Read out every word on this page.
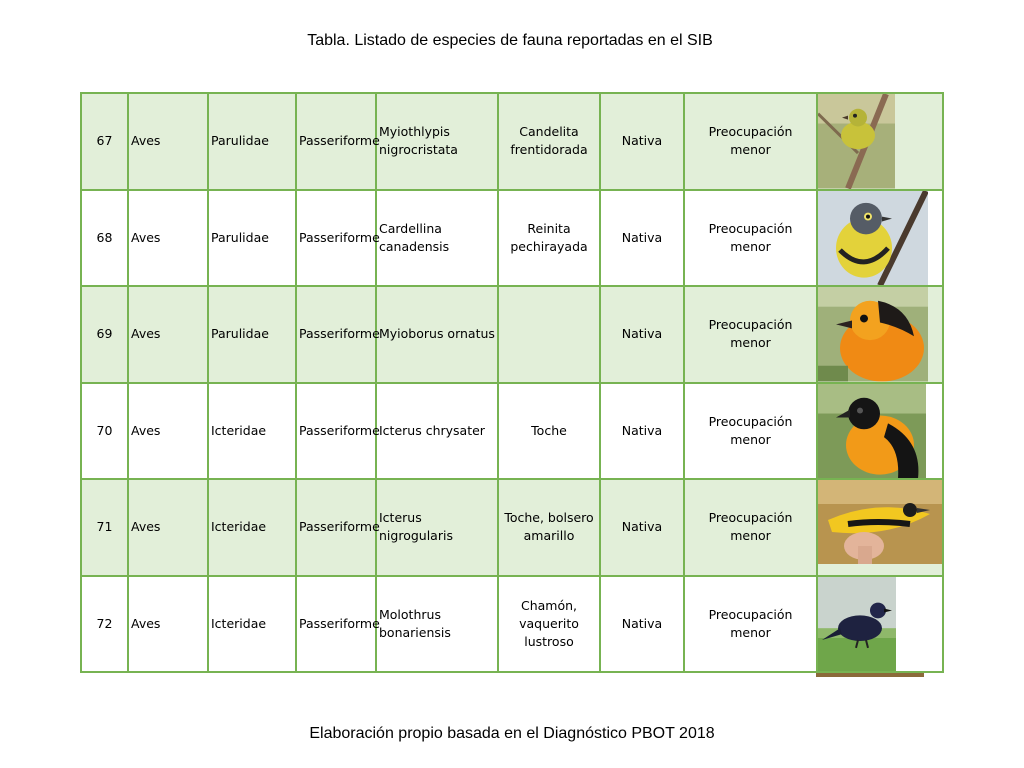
Tabla. Listado de especies de fauna reportadas en el SIB
67	Aves	Parulidae	Passeriforme	Myiothlypis nigrocristata	Candelita frentidorada	Nativa	Preocupación menor	

68	Aves	Parulidae	Passeriforme	Cardellina canadensis	Reinita pechirayada	Nativa	Preocupación menor	

69	Aves	Parulidae	Passeriforme	Myioborus ornatus		Nativa	Preocupación menor	

70	Aves	Icteridae	Passeriforme	Icterus chrysater	Toche	Nativa	Preocupación menor	

71	Aves	Icteridae	Passeriforme	Icterus nigrogularis	Toche, bolsero amarillo	Nativa	Preocupación menor	

72	Aves	Icteridae	Passeriforme	Molothrus bonariensis	Chamón, vaquerito lustroso	Nativa	Preocupación menor	
Elaboración propio basada en el Diagnóstico PBOT 2018
